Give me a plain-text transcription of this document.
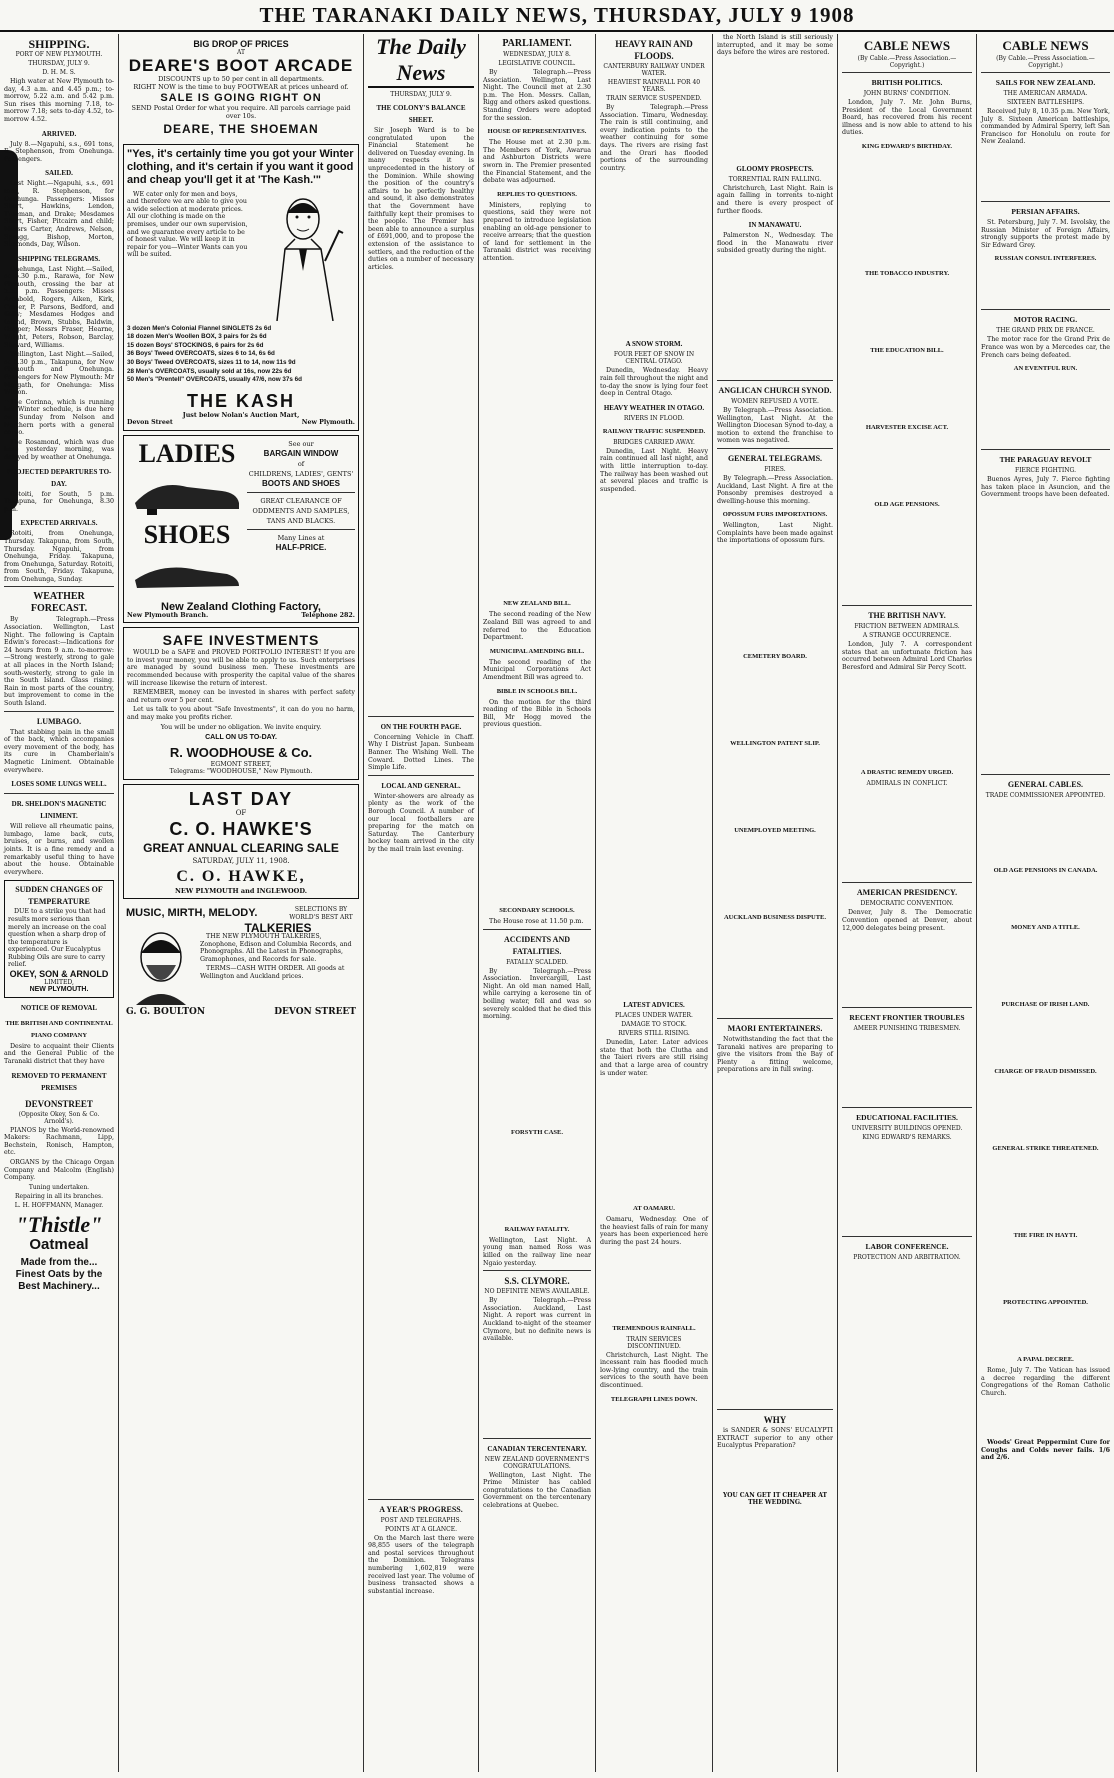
THE TARANAKI DAILY NEWS, THURSDAY, JULY 9 1908
SHIPPING.
PORT OF NEW PLYMOUTH.
THURSDAY, JULY 9.
D. H. M. S.
High water at New Plymouth to-day, 4.3 a.m. and 4.45 p.m.; to-morrow, 5.22 a.m. and 5.42 p.m. Sun rises this morning 7.18, to-morrow 7.18; sets to-day 4.52, to-morrow 4.52.
ARRIVED.
July 8.—Ngapuhi, s.s., 691 tons, E. Stephenson, from Onehunga. Passengers.
SAILED.
Last Night.—Ngapuhi, s.s., 691 tons, R. Stephenson, for Onehunga. Passengers: Misses Short, Hawkins, Lendon, Trueman, and Drake; Mesdames Short, Fisher, Pitcairn and child; Messrs Carter, Andrews, Nelson, Spragg, Bishop, Morton, Simmonds, Day, Wilson.
SHIPPING TELEGRAMS.
Onehunga, Last Night.—Sailed, at 5.30 p.m., Rarawa, for New Plymouth, crossing the bar at 5.53 p.m. Passengers: Misses Archbold, Rogers, Aiken, Kirk, Fraser, P. Parsons, Bedford, and Kelly; Mesdames Hodges and Inland, Brown, Stubbs, Baldwin, Hopper; Messrs Fraser, Hearne, Wright, Peters, Robson, Barclay, Steward, Williams.
Wellington, Last Night.—Sailed, at 6.30 p.m., Takapuna, for New Plymouth and Onehunga. Passengers for New Plymouth: Mr Morgath, for Onehunga: Miss Wilson.
The Corinna, which is running her Winter schedule, is due here on Sunday from Nelson and Northern ports with a general cargo.
The Rosamond, which was due here yesterday morning, was delayed by weather at Onehunga.
PROJECTED DEPARTURES TO-DAY.
Rotoiti, for South, 5 p.m. Takapuna, for Onehunga, 8.30 p.m.
EXPECTED ARRIVALS.
Rotoiti, from Onehunga, Thursday. Takapuna, from South, Thursday. Ngapuhi, from Onehunga, Friday. Takapuna, from Onehunga, Saturday. Rotoiti, from South, Friday. Takapuna, from Onehunga, Sunday.
WEATHER FORECAST.
By Telegraph.—Press Association. Wellington, Last Night. The following is Captain Edwin's forecast:—Indications for 24 hours from 9 a.m. to-morrow:—Strong westerly, strong to gale at all places in the North Island; south-westerly, strong to gale in the South Island. Glass rising. Rain in most parts of the country, but improvement to come in the South Island.
LUMBAGO.
That stabbing pain in the small of the back, which accompanies every movement of the body, has its cure in Chamberlain's Magnetic Liniment. Obtainable everywhere.
LOSES SOME LUNGS WELL.
DR. SHELDON'S MAGNETIC LINIMENT.
Will relieve all rheumatic pains, lumbago, lame back, cuts, bruises, or burns, and swollen joints. It is a fine remedy and a remarkably useful thing to have about the house. Obtainable everywhere.
SUDDEN CHANGES OF TEMPERATURE
DUE to a strike you that had results more serious than merely an increase on the coal question when a sharp drop of the temperature is experienced. Our Eucalyptus Rubbing Oils are sure to carry relief.
OKEY, SON & ARNOLD
LIMITED,
NEW PLYMOUTH.
NOTICE OF REMOVAL
THE BRITISH AND CONTINENTAL PIANO COMPANY
Desire to acquaint their Clients and the General Public of the Taranaki district that they have
REMOVED TO PERMANENT PREMISES
DEVONSTREET
(Opposite Okey, Son & Co. Arnold's).
PIANOS by the World-renowned Makers: Rachmann, Lipp, Bechstein, Ronisch, Hampton, etc.
ORGANS by the Chicago Organ Company and Malcolm (English) Company.
Tuning undertaken.
Repairing in all its branches.
L. H. HOFFMANN, Manager.
"Thistle"
Oatmeal
Made from the...
Finest Oats by the
Best Machinery...
BIG DROP OF PRICES
AT
DEARE'S BOOT ARCADE
DISCOUNTS up to 50 per cent in all departments.
RIGHT NOW is the time to buy FOOTWEAR at prices unheard of.
SALE IS GOING RIGHT ON
SEND Postal Order for what you require. All parcels carriage paid over 10s.
DEARE, THE SHOEMAN
"Yes, it's certainly time you got your Winter clothing, and it's certain if you want it good and cheap you'll get it at 'The Kash.'"
WE cater only for men and boys, and therefore we are able to give you a wide selection at moderate prices. All our clothing is made on the premises, under our own supervision, and we guarantee every article to be of honest value. We will keep it in repair for you—Winter Wants can you will be suited.
3 dozen Men's Colonial Flannel SINGLETS 2s 6d
18 dozen Men's Woollen BOX, 3 pairs for 2s 6d
15 dozen Boys' STOCKINGS, 6 pairs for 2s 6d
36 Boys' Tweed OVERCOATS, sizes 6 to 14, 6s 6d
30 Boys' Tweed OVERCOATS, sizes 11 to 14, now 11s 9d
28 Men's OVERCOATS, usually sold at 16s, now 22s 6d
50 Men's "Prentell" OVERCOATS, usually 47/6, now 37s 6d
THE KASH
Just below Nolan's Auction Mart,
Devon Street	New Plymouth.
LADIES
SHOES
See our
BARGAIN WINDOW
of
CHILDRENS, LADIES', GENTS'
BOOTS AND SHOES
GREAT CLEARANCE OF ODDMENTS AND SAMPLES, TANS AND BLACKS.
Many Lines at
HALF-PRICE.
New Zealand Clothing Factory,
New Plymouth Branch.	Telephone 282.
SAFE INVESTMENTS
WOULD be a SAFE and PROVED PORTFOLIO INTEREST! If you are to invest your money, you will be able to apply to us. Such enterprises are managed by sound business men. These investments are recommended because with prosperity the capital value of the shares will increase likewise the return of interest.
REMEMBER, money can be invested in shares with perfect safety and return over 5 per cent.
Let us talk to you about "Safe Investments", it can do you no harm, and may make you profits richer.
You will be under no obligation. We invite enquiry.
CALL ON US TO-DAY.
R. WOODHOUSE & Co.
EGMONT STREET,
Telegrams: "WOODHOUSE," New Plymouth.
LAST DAY
OF
C. O. HAWKE'S
GREAT ANNUAL CLEARING SALE
SATURDAY, JULY 11, 1908.
C. O. HAWKE,
NEW PLYMOUTH and INGLEWOOD.
MUSIC, MIRTH, MELODY.	SELECTIONS BY WORLD'S BEST ART
TALKERIES
THE NEW PLYMOUTH TALKERIES, Zonophone, Edison and Columbia Records, and Phonographs. All the Latest in Phonographs, Gramophones, and Records for sale.
TERMS—CASH WITH ORDER. All goods at Wellington and Auckland prices.
G. G. BOULTON	DEVON STREET
The Daily News
THURSDAY, JULY 9.
THE COLONY'S BALANCE SHEET.
Sir Joseph Ward is to be congratulated upon the Financial Statement he delivered on Tuesday evening. In many respects it is unprecedented in the history of the Dominion. While showing the position of the country's affairs to be perfectly healthy and sound, it also demonstrates that the Government have faithfully kept their promises to the people. The Premier has been able to announce a surplus of £691,000, and to propose the extension of the assistance to settlers, and the reduction of the duties on a number of necessary articles.

ON THE FOURTH PAGE.
Concerning Vehicle in Chaff. Why I Distrust Japan. Sunbeam Banner. The Wishing Well. The Coward. Dotted Lines. The Simple Life.
LOCAL AND GENERAL.
Winter-showers are already as plenty as the work of the Borough Council. A number of our local footballers are preparing for the match on Saturday. The Canterbury hockey team arrived in the city by the mail train last evening.
A YEAR'S PROGRESS.
POST AND TELEGRAPHS.
POINTS AT A GLANCE.
On the March last there were 98,855 users of the telegraph and postal services throughout the Dominion. Telegrams numbering 1,602,819 were received last year. The volume of business transacted shows a substantial increase.
PARLIAMENT.
WEDNESDAY, JULY 8.
LEGISLATIVE COUNCIL.
By Telegraph.—Press Association. Wellington, Last Night. The Council met at 2.30 p.m. The Hon. Messrs. Callan, Rigg and others asked questions. Standing Orders were adopted for the session.
HOUSE OF REPRESENTATIVES.
The House met at 2.30 p.m. The Members of York, Awarua and Ashburton Districts were sworn in. The Premier presented the Financial Statement, and the debate was adjourned.
REPLIES TO QUESTIONS.
Ministers, replying to questions, said they were not prepared to introduce legislation enabling an old-age pensioner to receive arrears; that the question of land for settlement in the Taranaki district was receiving attention.
NEW ZEALAND BILL.
The second reading of the New Zealand Bill was agreed to and referred to the Education Department.
MUNICIPAL AMENDING BILL.
The second reading of the Municipal Corporations Act Amendment Bill was agreed to.
BIBLE IN SCHOOLS BILL.
On the motion for the third reading of the Bible in Schools Bill, Mr Hogg moved the previous question.
SECONDARY SCHOOLS.
The House rose at 11.50 p.m.
ACCIDENTS AND FATALITIES.
FATALLY SCALDED.
By Telegraph.—Press Association. Invercargill, Last Night. An old man named Hall, while carrying a kerosene tin of boiling water, fell and was so severely scalded that he died this morning.
FORSYTH CASE.
RAILWAY FATALITY.
Wellington, Last Night. A young man named Ross was killed on the railway line near Ngaio yesterday.
S.S. CLYMORE.
NO DEFINITE NEWS AVAILABLE.
By Telegraph.—Press Association. Auckland, Last Night. A report was current in Auckland to-night of the steamer Clymore, but no definite news is available.
CANADIAN TERCENTENARY.
NEW ZEALAND GOVERNMENT'S CONGRATULATIONS.
Wellington, Last Night. The Prime Minister has cabled congratulations to the Canadian Government on the tercentenary celebrations at Quebec.
HEAVY RAIN AND FLOODS.
CANTERBURY RAILWAY UNDER WATER.
HEAVIEST RAINFALL FOR 40 YEARS.
TRAIN SERVICE SUSPENDED.
By Telegraph.—Press Association. Timaru, Wednesday. The rain is still continuing, and every indication points to the weather continuing for some days. The rivers are rising fast and the Orari has flooded portions of the surrounding country.
A SNOW STORM.
FOUR FEET OF SNOW IN CENTRAL OTAGO.
Dunedin, Wednesday. Heavy rain fell throughout the night and to-day the snow is lying four feet deep in Central Otago.
HEAVY WEATHER IN OTAGO.
RIVERS IN FLOOD.
RAILWAY TRAFFIC SUSPENDED.
BRIDGES CARRIED AWAY.
Dunedin, Last Night. Heavy rain continued all last night, and with little interruption to-day. The railway has been washed out at several places and traffic is suspended.
LATEST ADVICES.
PLACES UNDER WATER.
DAMAGE TO STOCK.
RIVERS STILL RISING.
Dunedin, Later. Later advices state that both the Clutha and the Taieri rivers are still rising and that a large area of country is under water.
AT OAMARU.
Oamaru, Wednesday. One of the heaviest falls of rain for many years has been experienced here during the past 24 hours.
TREMENDOUS RAINFALL.
TRAIN SERVICES DISCONTINUED.
Christchurch, Last Night. The incessant rain has flooded much low-lying country, and the train services to the south have been discontinued.
TELEGRAPH LINES DOWN.
the North Island is still seriously interrupted, and it may be some days before the wires are restored.
GLOOMY PROSPECTS.
TORRENTIAL RAIN FALLING.
Christchurch, Last Night. Rain is again falling in torrents to-night and there is every prospect of further floods.
IN MANAWATU.
Palmerston N., Wednesday. The flood in the Manawatu river subsided greatly during the night.
ANGLICAN CHURCH SYNOD.
WOMEN REFUSED A VOTE.
By Telegraph.—Press Association. Wellington, Last Night. At the Wellington Diocesan Synod to-day, a motion to extend the franchise to women was negatived.
GENERAL TELEGRAMS.
FIRES.
By Telegraph.—Press Association. Auckland, Last Night. A fire at the Ponsonby premises destroyed a dwelling-house this morning.
OPOSSUM FURS IMPORTATIONS.
Wellington, Last Night. Complaints have been made against the importations of opossum furs.
CEMETERY BOARD.
WELLINGTON PATENT SLIP.
UNEMPLOYED MEETING.
AUCKLAND BUSINESS DISPUTE.
MAORI ENTERTAINERS.
Notwithstanding the fact that the Taranaki natives are preparing to give the visitors from the Bay of Plenty a fitting welcome, preparations are in full swing.
WHY
is SANDER & SONS' EUCALYPTI EXTRACT superior to any other Eucalyptus Preparation?
YOU CAN GET IT CHEAPER AT THE WEDDING.
CABLE NEWS
(By Cable.—Press Association.—Copyright.)
BRITISH POLITICS.
JOHN BURNS' CONDITION.
London, July 7. Mr. John Burns, President of the Local Government Board, has recovered from his recent illness and is now able to attend to his duties.
KING EDWARD'S BIRTHDAY.
THE TOBACCO INDUSTRY.
THE EDUCATION BILL.
HARVESTER EXCISE ACT.
OLD AGE PENSIONS.
THE BRITISH NAVY.
FRICTION BETWEEN ADMIRALS.
A STRANGE OCCURRENCE.
London, July 7. A correspondent states that an unfortunate friction has occurred between Admiral Lord Charles Beresford and Admiral Sir Percy Scott.
A DRASTIC REMEDY URGED.
ADMIRALS IN CONFLICT.
AMERICAN PRESIDENCY.
DEMOCRATIC CONVENTION.
Denver, July 8. The Democratic Convention opened at Denver, about 12,000 delegates being present.
RECENT FRONTIER TROUBLES
AMEER PUNISHING TRIBESMEN.
EDUCATIONAL FACILITIES.
UNIVERSITY BUILDINGS OPENED.
KING EDWARD'S REMARKS.
LABOR CONFERENCE.
PROTECTION AND ARBITRATION.
CABLE NEWS
(By Cable.—Press Association.—Copyright.)
SAILS FOR NEW ZEALAND.
THE AMERICAN ARMADA.
SIXTEEN BATTLESHIPS.
Received July 8, 10.35 p.m. New York, July 8. Sixteen American battleships, commanded by Admiral Sperry, left San Francisco for Honolulu on route for New Zealand.
PERSIAN AFFAIRS.
St. Petersburg, July 7. M. Isvolsky, the Russian Minister of Foreign Affairs, strongly supports the protest made by Sir Edward Grey.
RUSSIAN CONSUL INTERFERES.
MOTOR RACING.
THE GRAND PRIX DE FRANCE.
The motor race for the Grand Prix de France was won by a Mercedes car, the French cars being defeated.
AN EVENTFUL RUN.
THE PARAGUAY REVOLT
FIERCE FIGHTING.
Buenos Ayres, July 7. Fierce fighting has taken place in Asuncion, and the Government troops have been defeated.
GENERAL CABLES.
TRADE COMMISSIONER APPOINTED.
OLD AGE PENSIONS IN CANADA.
MONEY AND A TITLE.
PURCHASE OF IRISH LAND.
CHARGE OF FRAUD DISMISSED.
GENERAL STRIKE THREATENED.
THE FIRE IN HAYTI.
PROTECTING APPOINTED.
A PAPAL DECREE.
Rome, July 7. The Vatican has issued a decree regarding the different Congregations of the Roman Catholic Church.
Woods' Great Peppermint Cure for Coughs and Colds never fails. 1/6 and 2/6.
